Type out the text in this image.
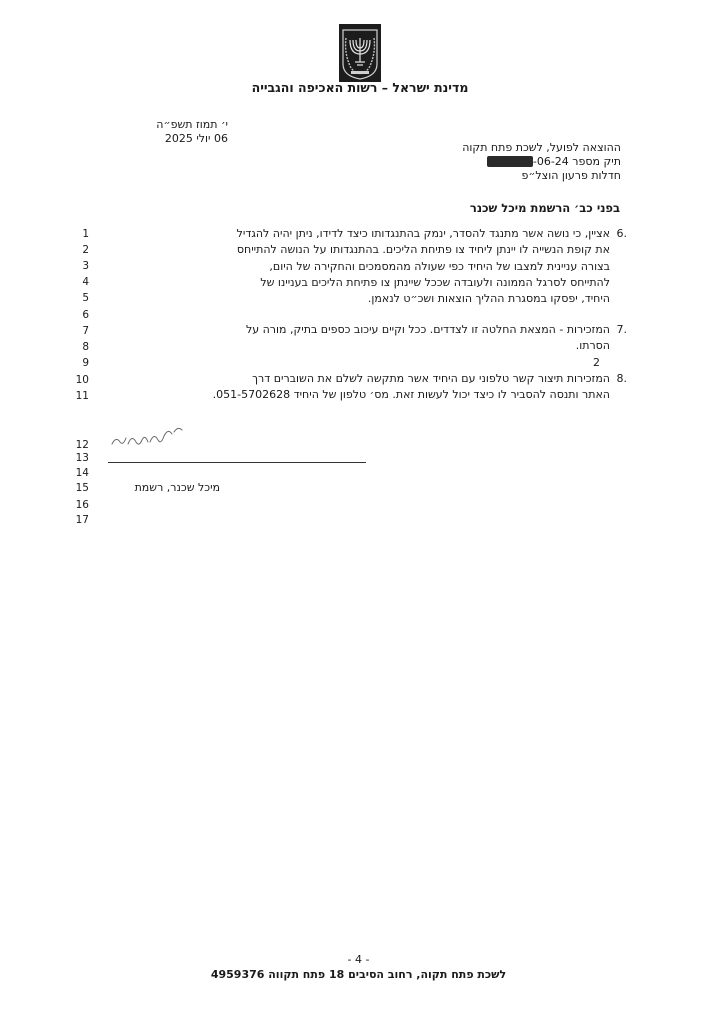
מדינת ישראל – רשות האכיפה והגבייה
י׳ תמוז תשפ״ה
06 יולי 2025
ההוצאה לפועל, לשכת פתח תקוה
תיק מספר 800123 -06-24
חדלות פרעון הוצל״פ
בפני כב׳ הרשמת מיכל שכנר
6.
אציין, כי נושה אשר מתנגד להסדר, ינמק בהתנגדותו כיצד לדידו, ניתן יהיה להגדיל
את קופת הנשייה לו יינתן ליחיד צו פתיחת הליכים. בהתנגדותו על הנושה להתייחס
בצורה עניינית למצבו של היחיד כפי שעולה מהמסמכים והחקירה של היום,
להתייחס לסרגל הממונה ולעובדה שככל שיינתן צו פתיחת הליכים בעניינו של
היחיד, יפסקו במסגרת ההליך הוצאות ושכ״ט לנאמן.
7.
המזכירות - המצאת החלטה זו לצדדים. ככל וקיים עיכוב כספים בתיק, מורה על
הסרתו.
2
8.
המזכירות תיצור קשר טלפוני עם היחיד אשר מתקשה לשלם את השוברים דרך
האתר ותנסה להסביר לו כיצד יכול לעשות זאת. מס׳ טלפון של היחיד 051-5702628.
1
2
3
4
5
6
7
8
9
10
11
12
13
14
15
16
17
מיכל שכנר, רשמת
- 4 -
לשכת פתח תקוה, רחוב הסיבים 18 פתח תקווה 4959376
